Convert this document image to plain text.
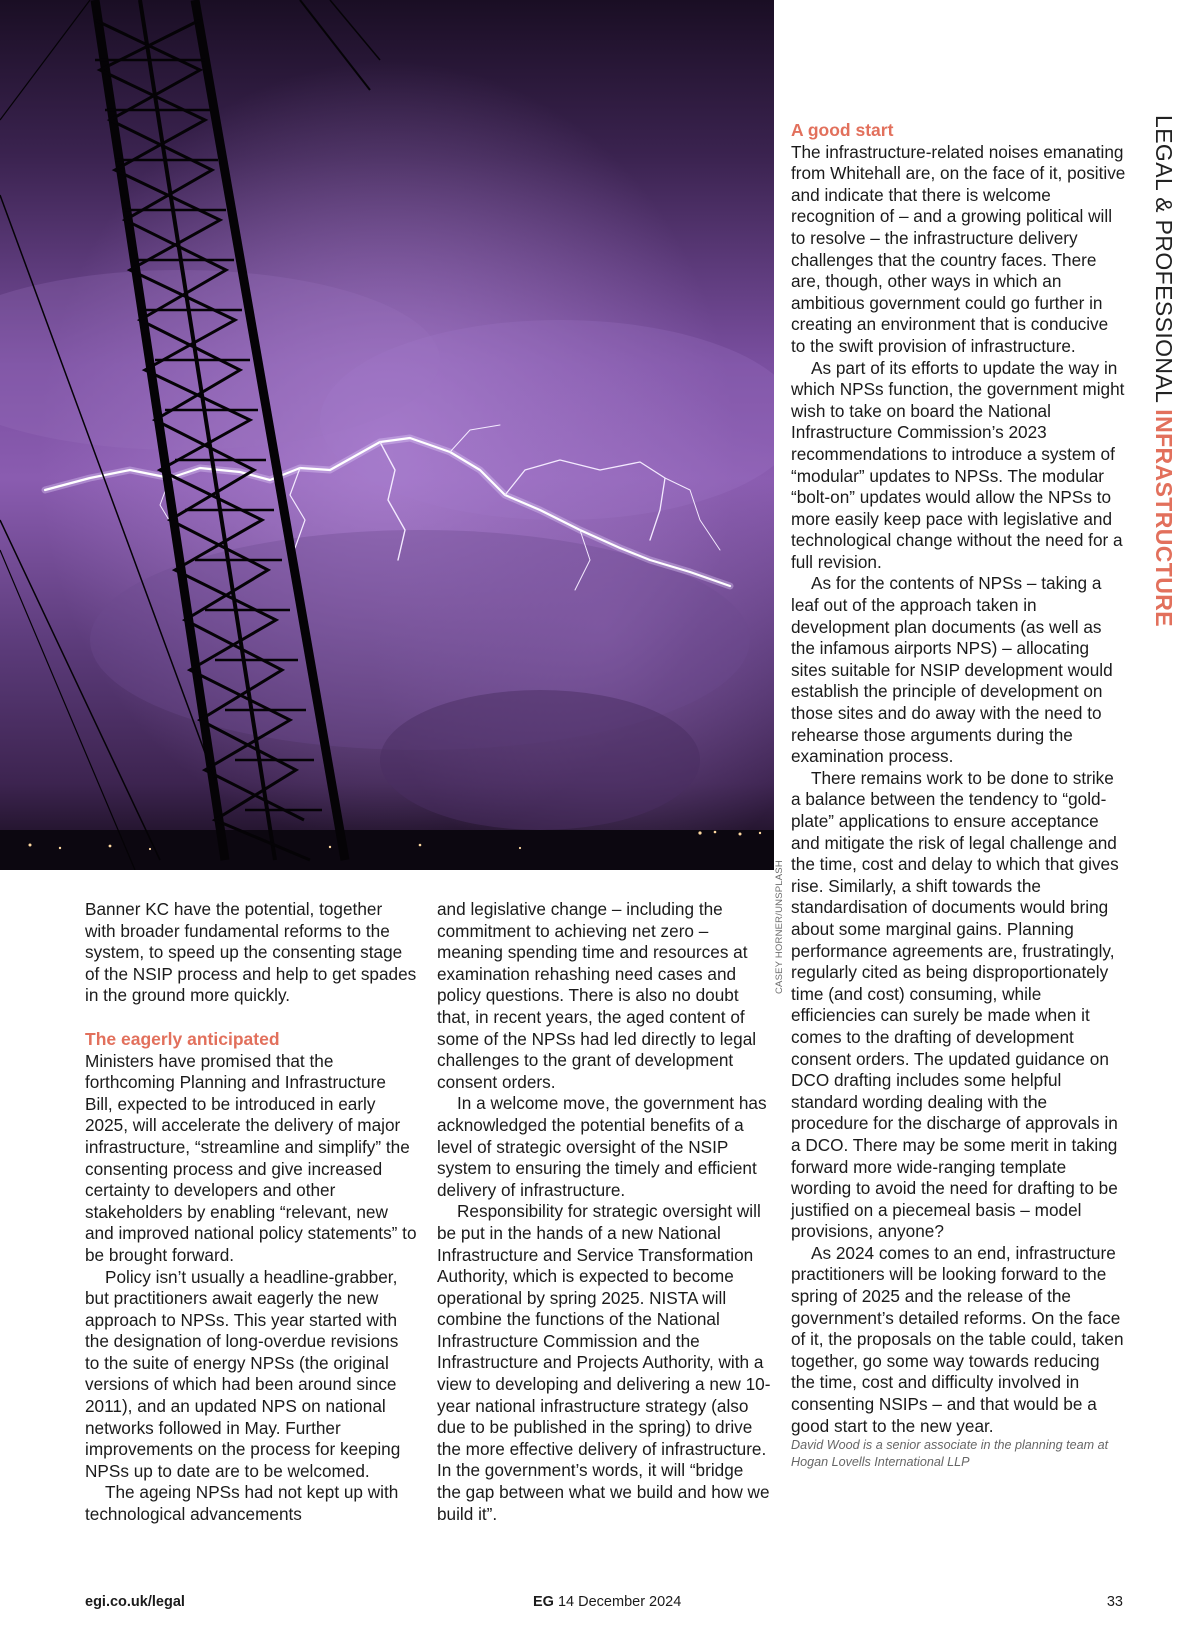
CASEY HORNER/UNSPLASH
LEGAL & PROFESSIONAL INFRASTRUCTURE

Banner KC have the potential, together with broader fundamental reforms to the system, to speed up the consenting stage of the NSIP process and help to get spades in the ground more quickly.

The eagerly anticipated

Ministers have promised that the forthcoming Planning and Infrastructure Bill, expected to be introduced in early 2025, will accelerate the delivery of major infrastructure, “streamline and simplify” the consenting process and give increased certainty to developers and other stakeholders by enabling “relevant, new and improved national policy statements” to be brought forward.

Policy isn’t usually a headline-grabber, but practitioners await eagerly the new approach to NPSs. This year started with the designation of long-overdue revisions to the suite of energy NPSs (the original versions of which had been around since 2011), and an updated NPS on national networks followed in May. Further improvements on the process for keeping NPSs up to date are to be welcomed.

The ageing NPSs had not kept up with technological advancements

and legislative change – including the commitment to achieving net zero – meaning spending time and resources at examination rehashing need cases and policy questions. There is also no doubt that, in recent years, the aged content of some of the NPSs had led directly to legal challenges to the grant of development consent orders.

In a welcome move, the government has acknowledged the potential benefits of a level of strategic oversight of the NSIP system to ensuring the timely and efficient delivery of infrastructure.

Responsibility for strategic oversight will be put in the hands of a new National Infrastructure and Service Transformation Authority, which is expected to become operational by spring 2025. NISTA will combine the functions of the National Infrastructure Commission and the Infrastructure and Projects Authority, with a view to developing and delivering a new 10-year national infrastructure strategy (also due to be published in the spring) to drive the more effective delivery of infrastructure. In the government’s words, it will “bridge the gap between what we build and how we build it”.

A good start

The infrastructure-related noises emanating from Whitehall are, on the face of it, positive and indicate that there is welcome recognition of – and a growing political will to resolve – the infrastructure delivery challenges that the country faces. There are, though, other ways in which an ambitious government could go further in creating an environment that is conducive to the swift provision of infrastructure.

As part of its efforts to update the way in which NPSs function, the government might wish to take on board the National Infrastructure Commission’s 2023 recommendations to introduce a system of “modular” updates to NPSs. The modular “bolt-on” updates would allow the NPSs to more easily keep pace with legislative and technological change without the need for a full revision.

As for the contents of NPSs – taking a leaf out of the approach taken in development plan documents (as well as the infamous airports NPS) – allocating sites suitable for NSIP development would establish the principle of development on those sites and do away with the need to rehearse those arguments during the examination process.

There remains work to be done to strike a balance between the tendency to “gold-plate” applications to ensure acceptance and mitigate the risk of legal challenge and the time, cost and delay to which that gives rise. Similarly, a shift towards the standardisation of documents would bring about some marginal gains. Planning performance agreements are, frustratingly, regularly cited as being disproportionately time (and cost) consuming, while efficiencies can surely be made when it comes to the drafting of development consent orders. The updated guidance on DCO drafting includes some helpful standard wording dealing with the procedure for the discharge of approvals in a DCO. There may be some merit in taking forward more wide-ranging template wording to avoid the need for drafting to be justified on a piecemeal basis – model provisions, anyone?

As 2024 comes to an end, infrastructure practitioners will be looking forward to the spring of 2025 and the release of the government’s detailed reforms. On the face of it, the proposals on the table could, taken together, go some way towards reducing the time, cost and difficulty involved in consenting NSIPs – and that would be a good start to the new year.

David Wood is a senior associate in the planning team at Hogan Lovells International LLP

egi.co.uk/legal	EG 14 December 2024	33
